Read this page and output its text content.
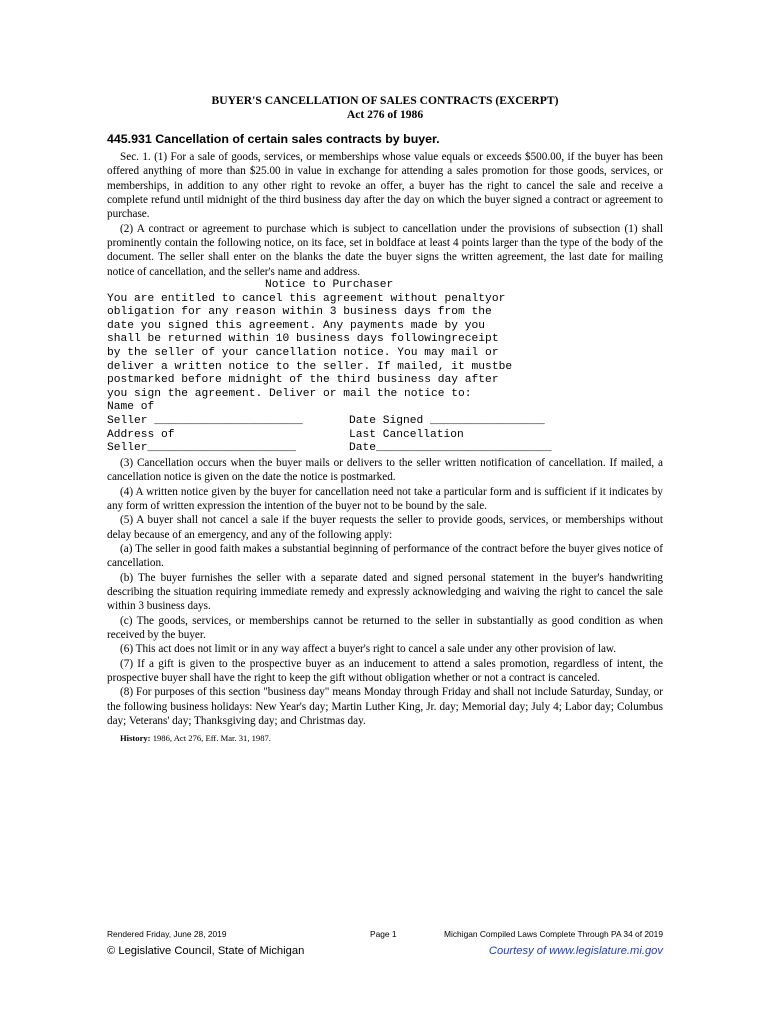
BUYER'S CANCELLATION OF SALES CONTRACTS (EXCERPT)

Act 276 of 1986

445.931 Cancellation of certain sales contracts by buyer.

Sec. 1. (1) For a sale of goods, services, or memberships whose value equals or exceeds $500.00, if the buyer has been offered anything of more than $25.00 in value in exchange for attending a sales promotion for those goods, services, or memberships, in addition to any other right to revoke an offer, a buyer has the right to cancel the sale and receive a complete refund until midnight of the third business day after the day on which the buyer signed a contract or agreement to purchase.

(2) A contract or agreement to purchase which is subject to cancellation under the provisions of subsection (1) shall prominently contain the following notice, on its face, set in boldface at least 4 points larger than the type of the body of the document. The seller shall enter on the blanks the date the buyer signs the written agreement, the last date for mailing notice of cancellation, and the seller's name and address.

Notice to Purchaser
You are entitled to cancel this agreement without penaltyor
obligation for any reason within 3 business days from the
date you signed this agreement. Any payments made by you
shall be returned within 10 business days followingreceipt
by the seller of your cancellation notice. You may mail or
deliver a written notice to the seller. If mailed, it mustbe
postmarked before midnight of the third business day after
you sign the agreement. Deliver or mail the notice to:
Name of
Seller ______________________	Date Signed _________________
Address of	Last Cancellation
Seller______________________	Date__________________________

(3) Cancellation occurs when the buyer mails or delivers to the seller written notification of cancellation. If mailed, a cancellation notice is given on the date the notice is postmarked.

(4) A written notice given by the buyer for cancellation need not take a particular form and is sufficient if it indicates by any form of written expression the intention of the buyer not to be bound by the sale.

(5) A buyer shall not cancel a sale if the buyer requests the seller to provide goods, services, or memberships without delay because of an emergency, and any of the following apply:

(a) The seller in good faith makes a substantial beginning of performance of the contract before the buyer gives notice of cancellation.

(b) The buyer furnishes the seller with a separate dated and signed personal statement in the buyer's handwriting describing the situation requiring immediate remedy and expressly acknowledging and waiving the right to cancel the sale within 3 business days.

(c) The goods, services, or memberships cannot be returned to the seller in substantially as good condition as when received by the buyer.

(6) This act does not limit or in any way affect a buyer's right to cancel a sale under any other provision of law.

(7) If a gift is given to the prospective buyer as an inducement to attend a sales promotion, regardless of intent, the prospective buyer shall have the right to keep the gift without obligation whether or not a contract is canceled.

(8) For purposes of this section "business day" means Monday through Friday and shall not include Saturday, Sunday, or the following business holidays: New Year's day; Martin Luther King, Jr. day; Memorial day; July 4; Labor day; Columbus day; Veterans' day; Thanksgiving day; and Christmas day.

History: 1986, Act 276, Eff. Mar. 31, 1987.

Rendered Friday, June 28, 2019	Page 1	Michigan Compiled Laws Complete Through PA 34 of 2019
© Legislative Council, State of Michigan	Courtesy of www.legislature.mi.gov
